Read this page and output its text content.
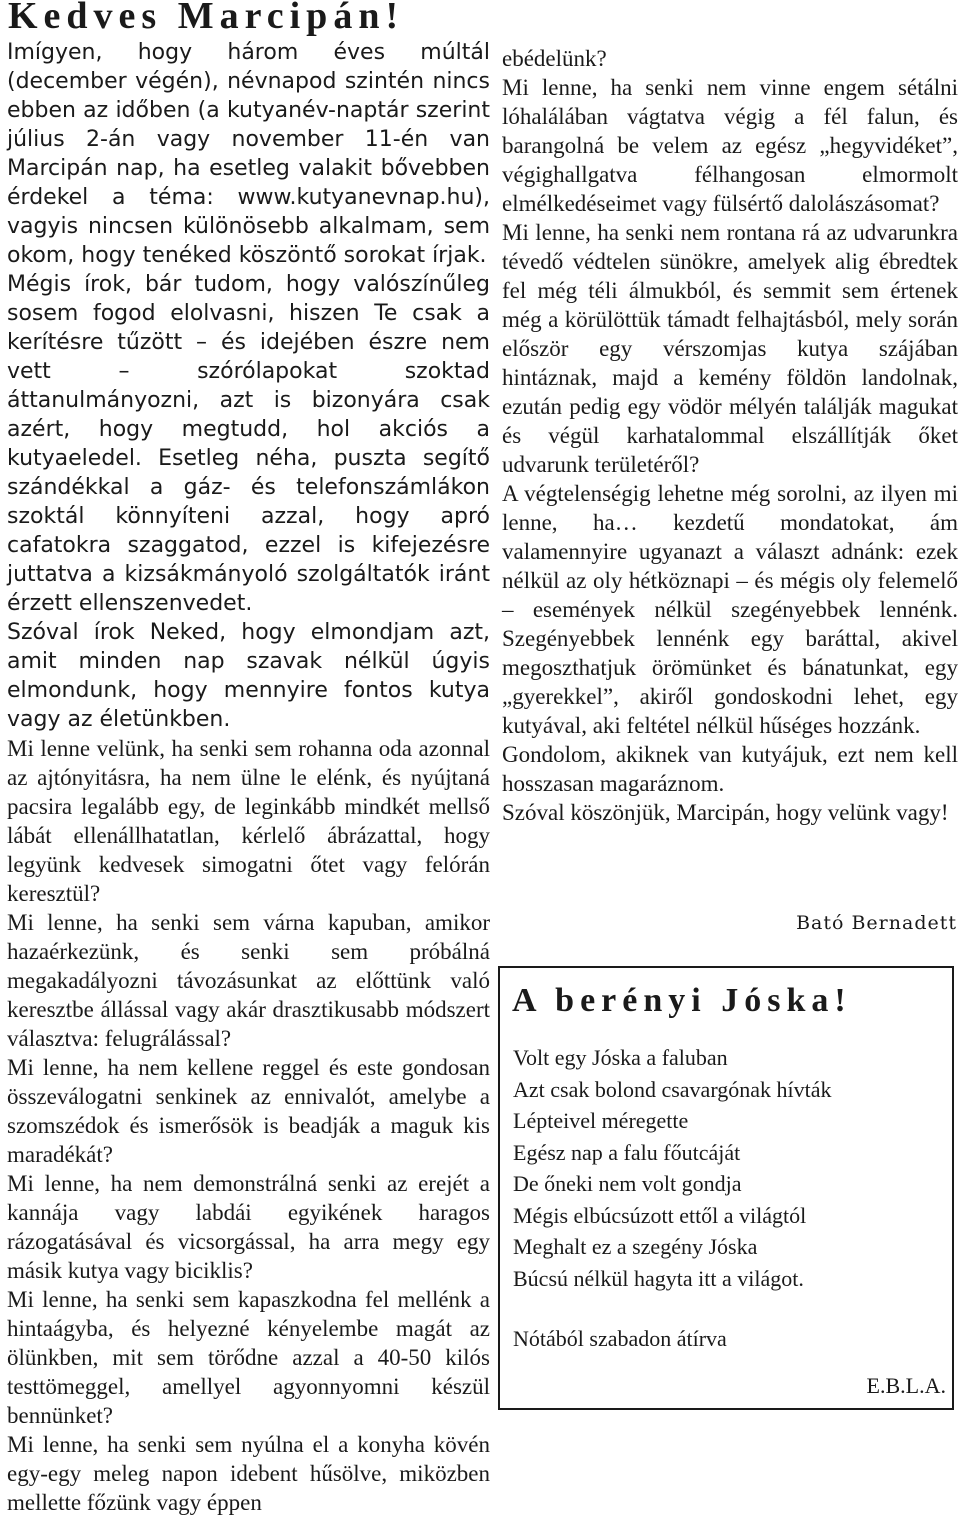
Kedves Marcipán!

Imígyen, hogy három éves múltál (december végén), névnapod szintén nincs ebben az időben (a kutyanév-naptár szerint július 2-án vagy november 11-én van Marcipán nap, ha esetleg valakit bővebben érdekel a téma: www.kutyanevnap.hu), vagyis nincsen különösebb alkalmam, sem okom, hogy tenéked köszöntő sorokat írjak.

Mégis írok, bár tudom, hogy valószínűleg sosem fogod elolvasni, hiszen Te csak a kerítésre tűzött – és idejében észre nem vett – szórólapokat szoktad áttanulmányozni, azt is bizonyára csak azért, hogy megtudd, hol akciós a kutyaeledel. Esetleg néha, puszta segítő szándékkal a gáz- és telefonszámlákon szoktál könnyíteni azzal, hogy apró cafatokra szaggatod, ezzel is kifejezésre juttatva a kizsákmányoló szolgáltatók iránt érzett ellenszenvedet.

Szóval írok Neked, hogy elmondjam azt, amit minden nap szavak nélkül úgyis elmondunk, hogy mennyire fontos kutya vagy az életünkben.

Mi lenne velünk, ha senki sem rohanna oda azonnal az ajtónyitásra, ha nem ülne le elénk, és nyújtaná pacsira legalább egy, de leginkább mindkét mellső lábát ellenállhatatlan, kérlelő ábrázattal, hogy legyünk kedvesek simogatni őtet vagy felórán keresztül?

Mi lenne, ha senki sem várna kapuban, amikor hazaérkezünk, és senki sem próbálná megakadályozni távozásunkat az előttünk való keresztbe állással vagy akár drasztikusabb módszert választva: felugrálással?

Mi lenne, ha nem kellene reggel és este gondosan összeválogatni senkinek az ennivalót, amelybe a szomszédok és ismerősök is beadják a maguk kis maradékát?

Mi lenne, ha nem demonstrálná senki az erejét a kannája vagy labdái egyikének haragos rázogatásával és vicsorgással, ha arra megy egy másik kutya vagy biciklis?

Mi lenne, ha senki sem kapaszkodna fel mellénk a hintaágyba, és helyezné kényelembe magát az ölünkben, mit sem törődne azzal a 40-50 kilós testtömeggel, amellyel agyonnyomni készül bennünket?

Mi lenne, ha senki sem nyúlna el a konyha kövén egy-egy meleg napon idebent hűsölve, miközben mellette főzünk vagy éppen

ebédelünk?

Mi lenne, ha senki nem vinne engem sétálni lóhalálában vágtatva végig a fél falun, és barangolná be velem az egész „hegyvidéket”, végighallgatva félhangosan elmormolt elmélkedéseimet vagy fülsértő dalolászásomat?

Mi lenne, ha senki nem rontana rá az udvarunkra tévedő védtelen sünökre, amelyek alig ébredtek fel még téli álmukból, és semmit sem értenek még a körülöttük támadt felhajtásból, mely során először egy vérszomjas kutya szájában hintáznak, majd a kemény földön landolnak, ezután pedig egy vödör mélyén találják magukat és végül karhatalommal elszállítják őket udvarunk területéről?

A végtelenségig lehetne még sorolni, az ilyen mi lenne, ha… kezdetű mondatokat, ám valamennyire ugyanazt a választ adnánk: ezek nélkül az oly hétköznapi – és mégis oly felemelő – események nélkül szegényebbek lennénk. Szegényebbek lennénk egy baráttal, akivel megoszthatjuk örömünket és bánatunkat, egy „gyerekkel”, akiről gondoskodni lehet, egy kutyával, aki feltétel nélkül hűséges hozzánk.

Gondolom, akiknek van kutyájuk, ezt nem kell hosszasan magaráznom.

Szóval köszönjük, Marcipán, hogy velünk vagy!

Bató Bernadett
A berényi Jóska!
Volt egy Jóska a faluban
Azt csak bolond csavargónak hívták
Lépteivel méregette
Egész nap a falu főutcáját
De őneki nem volt gondja
Mégis elbúcsúzott ettől a világtól
Meghalt ez a szegény Jóska
Búcsú nélkül hagyta itt a világot.
Nótából szabadon átírva
E.B.L.A.
